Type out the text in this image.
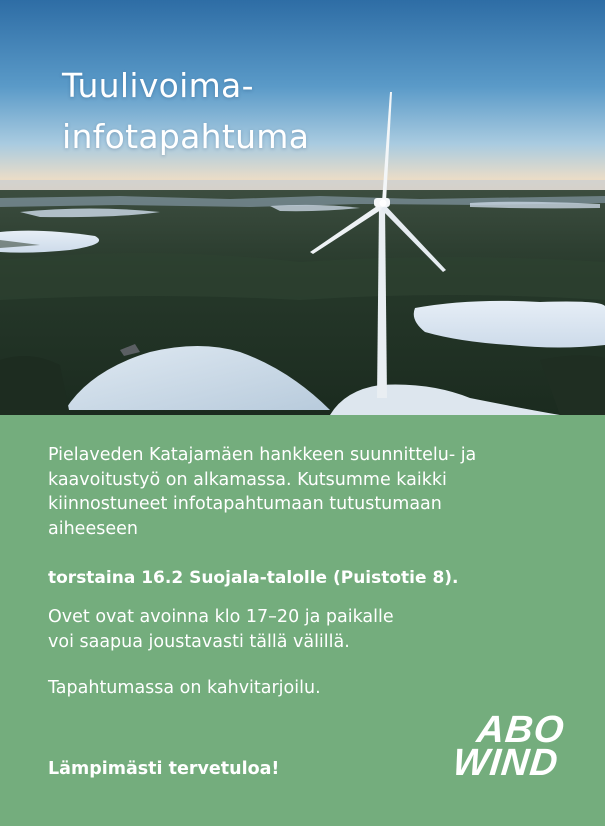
Tuulivoima-
infotapahtuma

Pielaveden Katajamäen hankkeen suunnittelu- ja
kaavoitustyö on alkamassa. Kutsumme kaikki
kiinnostuneet infotapahtumaan tutustumaan
aiheeseen

torstaina 16.2 Suojala-talolle (Puistotie 8).

Ovet ovat avoinna klo 17–20 ja paikalle
voi saapua joustavasti tällä välillä.

Tapahtumassa on kahvitarjoilu.

Lämpimästi tervetuloa!

ABO
WIND
